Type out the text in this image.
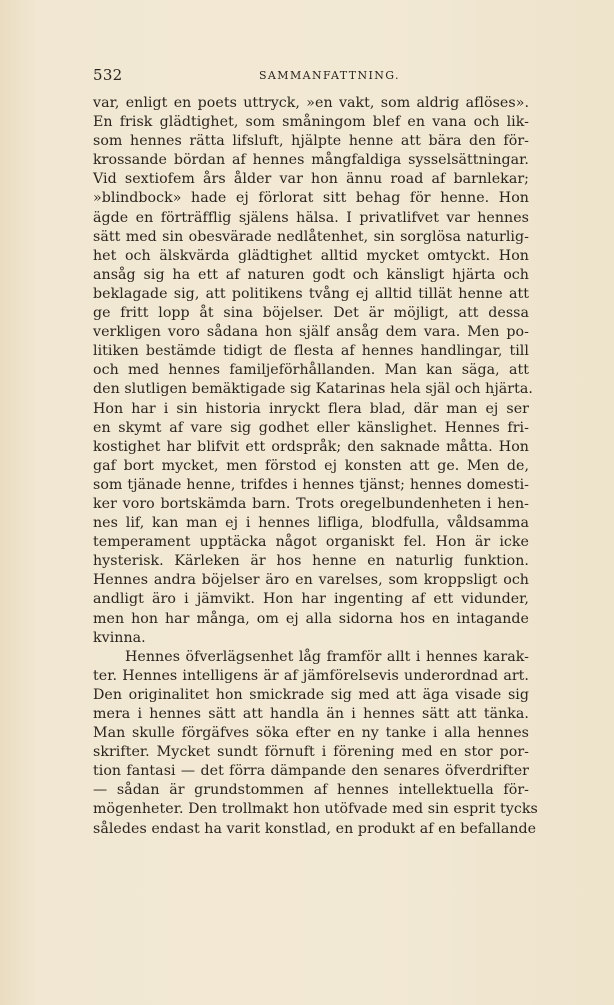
532	SAMMANFATTNING.
var, enligt en poets uttryck, »en vakt, som aldrig aflöses».
En frisk glädtighet, som småningom blef en vana och lik-
som hennes rätta lifsluft, hjälpte henne att bära den för-
krossande bördan af hennes mångfaldiga sysselsättningar.
Vid sextiofem års ålder var hon ännu road af barnlekar;
»blindbock» hade ej förlorat sitt behag för henne. Hon
ägde en förträfflig själens hälsa. I privatlifvet var hennes
sätt med sin obesvärade nedlåtenhet, sin sorglösa naturlig-
het och älskvärda glädtighet alltid mycket omtyckt. Hon
ansåg sig ha ett af naturen godt och känsligt hjärta och
beklagade sig, att politikens tvång ej alltid tillät henne att
ge fritt lopp åt sina böjelser. Det är möjligt, att dessa
verkligen voro sådana hon själf ansåg dem vara. Men po-
litiken bestämde tidigt de flesta af hennes handlingar, till
och med hennes familjeförhållanden. Man kan säga, att
den slutligen bemäktigade sig Katarinas hela själ och hjärta.
Hon har i sin historia inryckt flera blad, där man ej ser
en skymt af vare sig godhet eller känslighet. Hennes fri-
kostighet har blifvit ett ordspråk; den saknade måtta. Hon
gaf bort mycket, men förstod ej konsten att ge. Men de,
som tjänade henne, trifdes i hennes tjänst; hennes domesti-
ker voro bortskämda barn. Trots oregelbundenheten i hen-
nes lif, kan man ej i hennes lifliga, blodfulla, våldsamma
temperament upptäcka något organiskt fel. Hon är icke
hysterisk. Kärleken är hos henne en naturlig funktion.
Hennes andra böjelser äro en varelses, som kroppsligt och
andligt äro i jämvikt. Hon har ingenting af ett vidunder,
men hon har många, om ej alla sidorna hos en intagande
kvinna.
Hennes öfverlägsenhet låg framför allt i hennes karak-
ter. Hennes intelligens är af jämförelsevis underordnad art.
Den originalitet hon smickrade sig med att äga visade sig
mera i hennes sätt att handla än i hennes sätt att tänka.
Man skulle förgäfves söka efter en ny tanke i alla hennes
skrifter. Mycket sundt förnuft i förening med en stor por-
tion fantasi — det förra dämpande den senares öfverdrifter
— sådan är grundstommen af hennes intellektuella för-
mögenheter. Den trollmakt hon utöfvade med sin esprit tycks
således endast ha varit konstlad, en produkt af en befallande
